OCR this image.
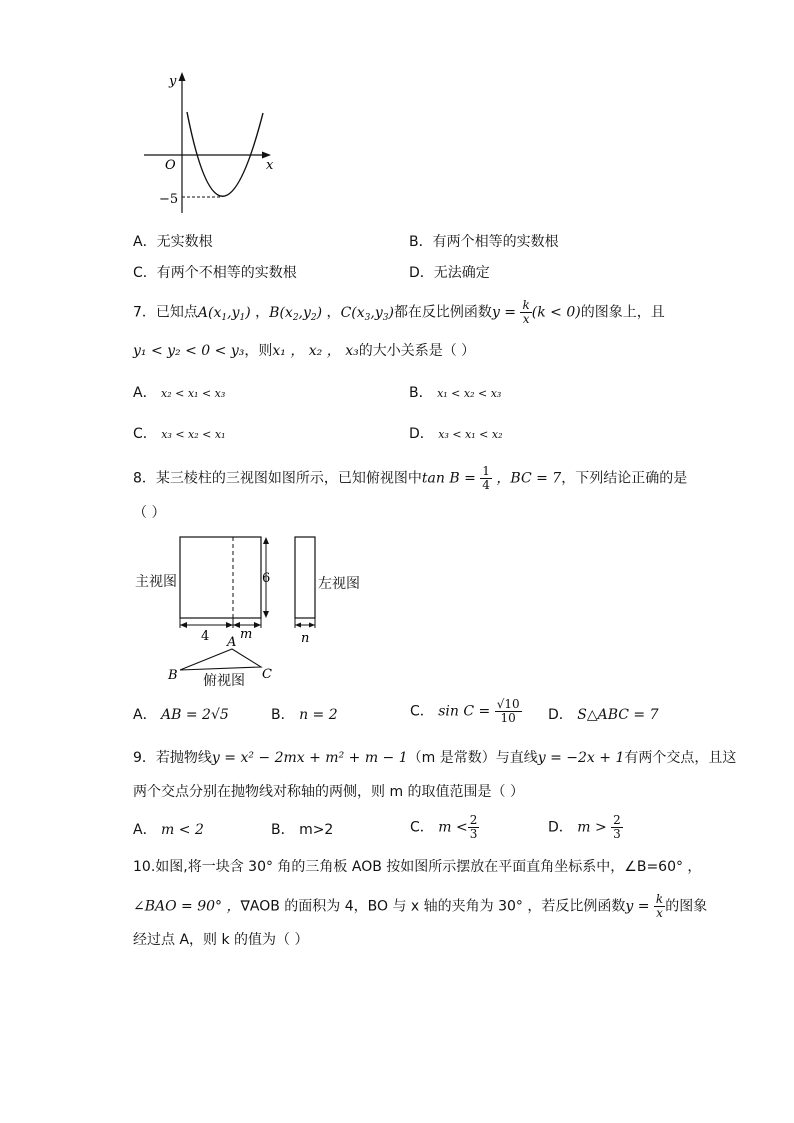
y
x
O
−5
A．无实数根	B．有两个相等的实数根
C．有两个不相等的实数根	D．无法确定
7．已知点$A(x_1,y_1)$ ，$B(x_2,y_2)$ ，$C(x_3,y_3)$都在反比例函数$y = \frac{k}{x} (k < 0)$的图象上，且
y₁ < y₂ < 0 < y₃，则x₁ ， x₂ ， x₃的大小关系是（ ）
A． x₂ < x₁ < x₃	B． x₁ < x₂ < x₃
C． x₃ < x₂ < x₁	D． x₃ < x₁ < x₂
8．某三棱柱的三视图如图所示，已知俯视图中$\tan B = \frac{1}{4}$ ，BC = 7，下列结论正确的是
（ ）
6
4 m	n
A
B	C
主视图	左视图
俯视图
A． AB = 2√5	B． n = 2	C． $\sin C = \frac{√10}{10}$ D． S△ABC = 7
9．若抛物线y = x² − 2mx + m² + m − 1（m 是常数）与直线y = −2x + 1有两个交点，且这
两个交点分别在抛物线对称轴的两侧，则 m 的取值范围是（ ）
A． m < 2	B． m>2	C． $m < \frac{2}{3}$	D． $m > \frac{2}{3}$
10.如图,将一块含 30° 角的三角板 AOB 按如图所示摆放在平面直角坐标系中，∠B=60° ，
∠BAO = 90° ，∇AOB 的面积为 4，BO 与 x 轴的夹角为 30° ，若反比例函数$y = \frac{k}{x}$ 的图象
经过点 A，则 k 的值为（ ）
